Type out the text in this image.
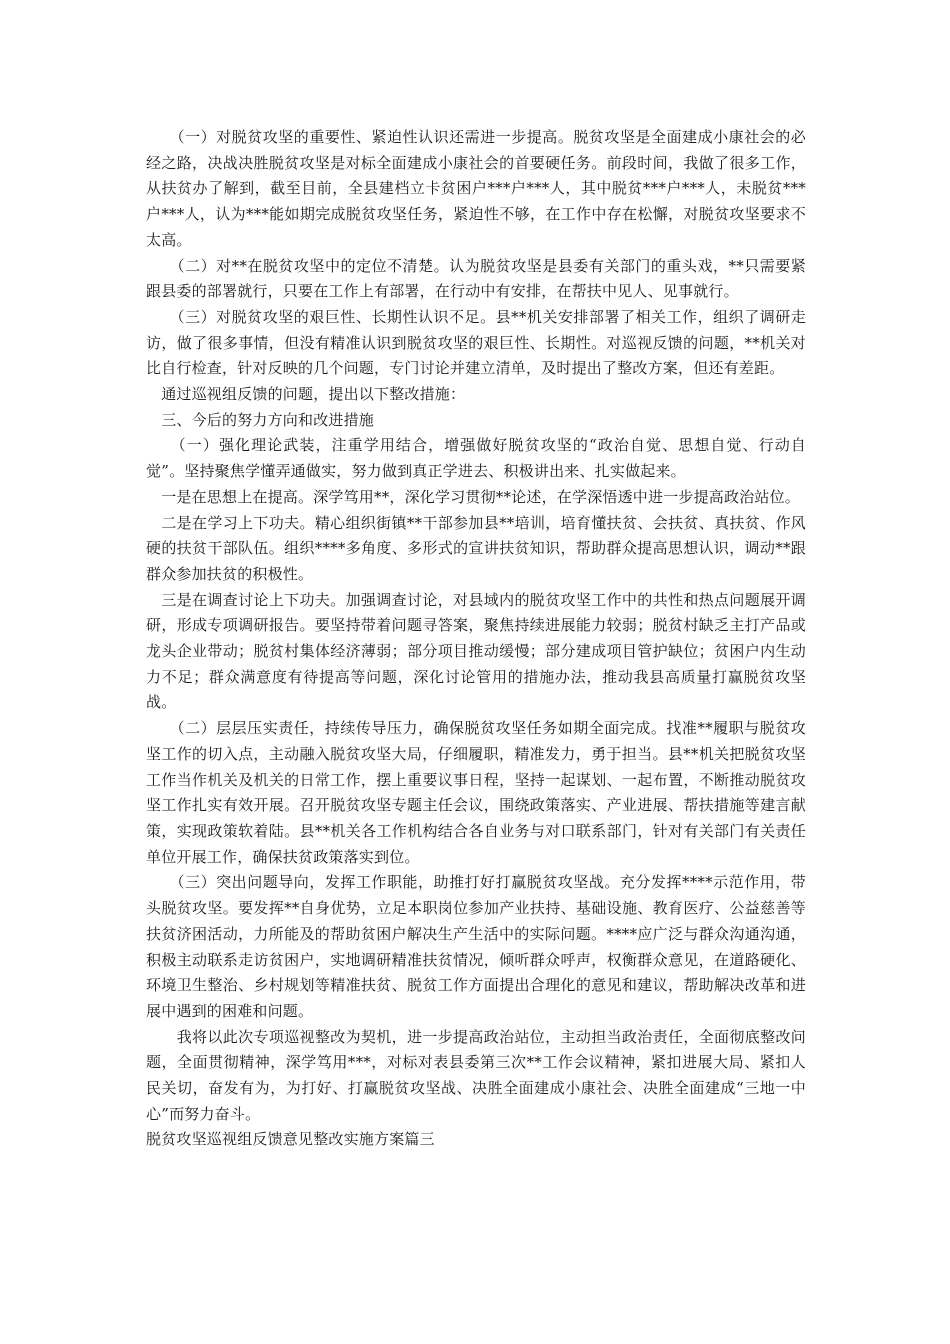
　　（一）对脱贫攻坚的重要性、紧迫性认识还需进一步提高。脱贫攻坚是全面建成小康社会的必经之路，决战决胜脱贫攻坚是对标全面建成小康社会的首要硬任务。前段时间，我做了很多工作，从扶贫办了解到，截至目前，全县建档立卡贫困户***户***人，其中脱贫***户***人，未脱贫***户***人，认为***能如期完成脱贫攻坚任务，紧迫性不够，在工作中存在松懈，对脱贫攻坚要求不太高。

　　（二）对**在脱贫攻坚中的定位不清楚。认为脱贫攻坚是县委有关部门的重头戏，**只需要紧跟县委的部署就行，只要在工作上有部署，在行动中有安排，在帮扶中见人、见事就行。

　　（三）对脱贫攻坚的艰巨性、长期性认识不足。县**机关安排部署了相关工作，组织了调研走访，做了很多事情，但没有精准认识到脱贫攻坚的艰巨性、长期性。对巡视反馈的问题，**机关对比自行检查，针对反映的几个问题，专门讨论并建立清单，及时提出了整改方案，但还有差距。

　通过巡视组反馈的问题，提出以下整改措施：

　三、今后的努力方向和改进措施

　　（一）强化理论武装，注重学用结合，增强做好脱贫攻坚的“政治自觉、思想自觉、行动自觉”。坚持聚焦学懂弄通做实，努力做到真正学进去、积极讲出来、扎实做起来。

　一是在思想上在提高。深学笃用**，深化学习贯彻**论述，在学深悟透中进一步提高政治站位。

　二是在学习上下功夫。精心组织街镇**干部参加县**培训，培育懂扶贫、会扶贫、真扶贫、作风硬的扶贫干部队伍。组织****多角度、多形式的宣讲扶贫知识，帮助群众提高思想认识，调动**跟群众参加扶贫的积极性。

　三是在调查讨论上下功夫。加强调查讨论，对县域内的脱贫攻坚工作中的共性和热点问题展开调研，形成专项调研报告。要坚持带着问题寻答案，聚焦持续进展能力较弱；脱贫村缺乏主打产品或龙头企业带动；脱贫村集体经济薄弱；部分项目推动缓慢；部分建成项目管护缺位；贫困户内生动力不足；群众满意度有待提高等问题，深化讨论管用的措施办法，推动我县高质量打赢脱贫攻坚战。

　　（二）层层压实责任，持续传导压力，确保脱贫攻坚任务如期全面完成。找准**履职与脱贫攻坚工作的切入点，主动融入脱贫攻坚大局，仔细履职，精准发力，勇于担当。县**机关把脱贫攻坚工作当作机关及机关的日常工作，摆上重要议事日程，坚持一起谋划、一起布置，不断推动脱贫攻坚工作扎实有效开展。召开脱贫攻坚专题主任会议，围绕政策落实、产业进展、帮扶措施等建言献策，实现政策软着陆。县**机关各工作机构结合各自业务与对口联系部门，针对有关部门有关责任单位开展工作，确保扶贫政策落实到位。

　　（三）突出问题导向，发挥工作职能，助推打好打赢脱贫攻坚战。充分发挥****示范作用，带头脱贫攻坚。要发挥**自身优势，立足本职岗位参加产业扶持、基础设施、教育医疗、公益慈善等扶贫济困活动，力所能及的帮助贫困户解决生产生活中的实际问题。****应广泛与群众沟通沟通，积极主动联系走访贫困户，实地调研精准扶贫情况，倾听群众呼声，权衡群众意见，在道路硬化、环境卫生整治、乡村规划等精准扶贫、脱贫工作方面提出合理化的意见和建议，帮助解决改革和进展中遇到的困难和问题。

　　我将以此次专项巡视整改为契机，进一步提高政治站位，主动担当政治责任，全面彻底整改问题，全面贯彻精神，深学笃用***，对标对表县委第三次**工作会议精神，紧扣进展大局、紧扣人民关切，奋发有为，为打好、打赢脱贫攻坚战、决胜全面建成小康社会、决胜全面建成“三地一中心”而努力奋斗。

脱贫攻坚巡视组反馈意见整改实施方案篇三
